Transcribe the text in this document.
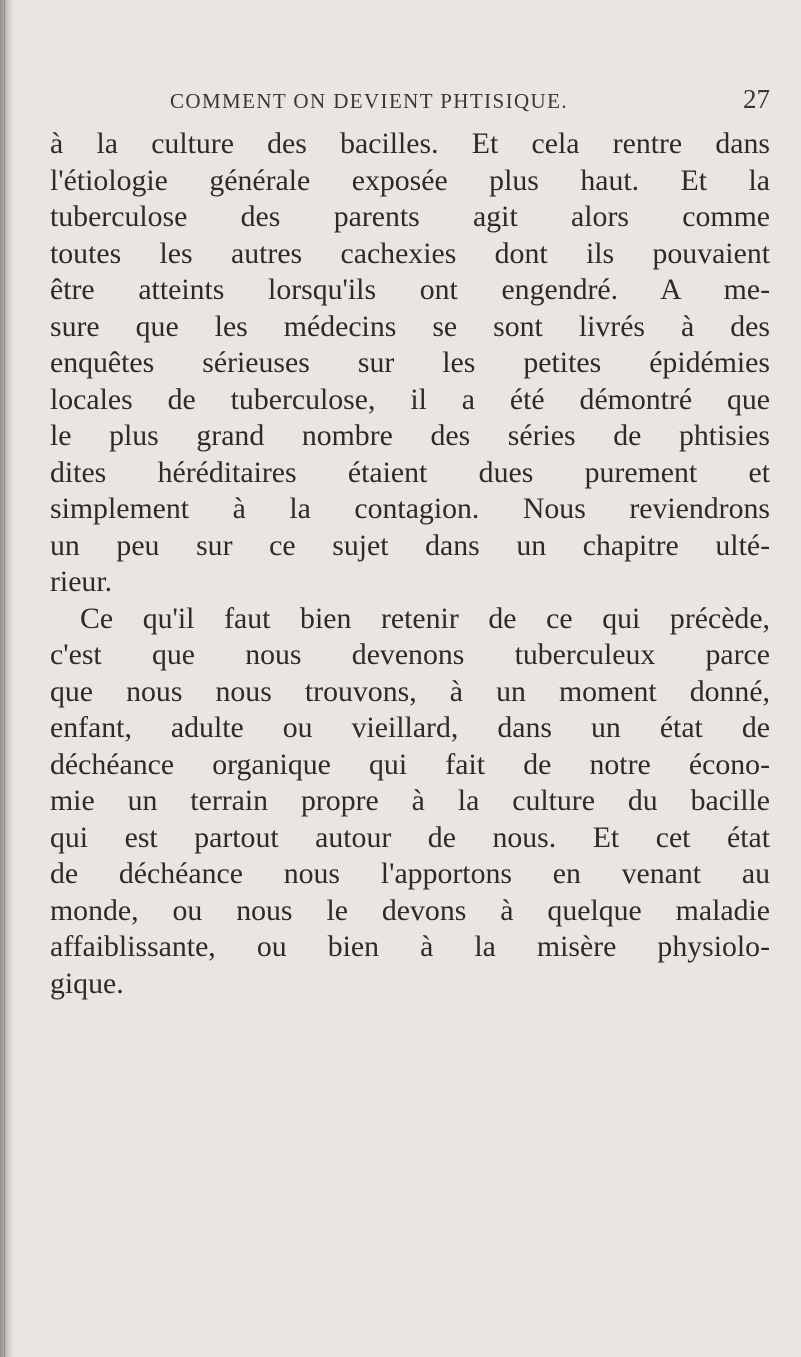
COMMENT ON DEVIENT PHTISIQUE.	27

à la culture des bacilles. Et cela rentre dans
l'étiologie générale exposée plus haut. Et la
tuberculose des parents agit alors comme
toutes les autres cachexies dont ils pouvaient
être atteints lorsqu'ils ont engendré. A me-
sure que les médecins se sont livrés à des
enquêtes sérieuses sur les petites épidémies
locales de tuberculose, il a été démontré que
le plus grand nombre des séries de phtisies
dites héréditaires étaient dues purement et
simplement à la contagion. Nous reviendrons
un peu sur ce sujet dans un chapitre ulté-
rieur.

Ce qu'il faut bien retenir de ce qui précède,
c'est que nous devenons tuberculeux parce
que nous nous trouvons, à un moment donné,
enfant, adulte ou vieillard, dans un état de
déchéance organique qui fait de notre écono-
mie un terrain propre à la culture du bacille
qui est partout autour de nous. Et cet état
de déchéance nous l'apportons en venant au
monde, ou nous le devons à quelque maladie
affaiblissante, ou bien à la misère physiolo-
gique.
